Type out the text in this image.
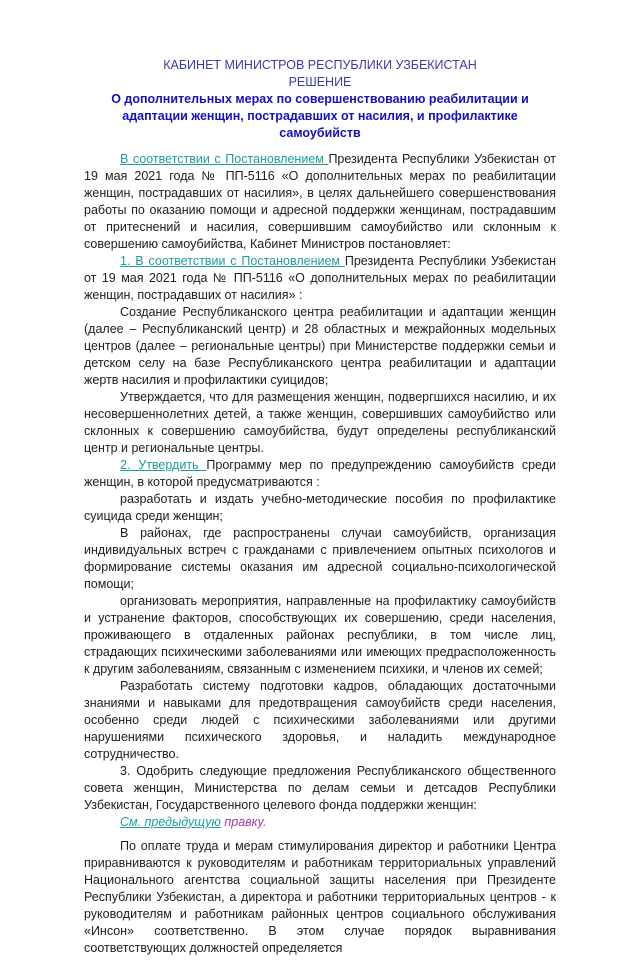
КАБИНЕТ МИНИСТРОВ РЕСПУБЛИКИ УЗБЕКИСТАН
РЕШЕНИЕ
О дополнительных мерах по совершенствованию реабилитации и адаптации женщин, пострадавших от насилия, и профилактике самоубийств

В соответствии с Постановлением Президента Республики Узбекистан от 19 мая 2021 года № ПП-5116 «О дополнительных мерах по реабилитации женщин, пострадавших от насилия», в целях дальнейшего совершенствования работы по оказанию помощи и адресной поддержки женщинам, пострадавшим от притеснений и насилия, совершившим самоубийство или склонным к совершению самоубийства, Кабинет Министров постановляет:

1. В соответствии с Постановлением Президента Республики Узбекистан от 19 мая 2021 года № ПП-5116 «О дополнительных мерах по реабилитации женщин, пострадавших от насилия» :

Создание Республиканского центра реабилитации и адаптации женщин (далее – Республиканский центр) и 28 областных и межрайонных модельных центров (далее – региональные центры) при Министерстве поддержки семьи и детском селу на базе Республиканского центра реабилитации и адаптации жертв насилия и профилактики суицидов;

Утверждается, что для размещения женщин, подвергшихся насилию, и их несовершеннолетних детей, а также женщин, совершивших самоубийство или склонных к совершению самоубийства, будут определены республиканский центр и региональные центры.

2. Утвердить Программу мер по предупреждению самоубийств среди женщин, в которой предусматриваются :

разработать и издать учебно-методические пособия по профилактике суицида среди женщин;

В районах, где распространены случаи самоубийств, организация индивидуальных встреч с гражданами с привлечением опытных психологов и формирование системы оказания им адресной социально-психологической помощи;

организовать мероприятия, направленные на профилактику самоубийств и устранение факторов, способствующих их совершению, среди населения, проживающего в отдаленных районах республики, в том числе лиц, страдающих психическими заболеваниями или имеющих предрасположенность к другим заболеваниям, связанным с изменением психики, и членов их семей;

Разработать систему подготовки кадров, обладающих достаточными знаниями и навыками для предотвращения самоубийств среди населения, особенно среди людей с психическими заболеваниями или другими нарушениями психического здоровья, и наладить международное сотрудничество.

3. Одобрить следующие предложения Республиканского общественного совета женщин, Министерства по делам семьи и детсадов Республики Узбекистан, Государственного целевого фонда поддержки женщин:

См. предыдущую правку.

По оплате труда и мерам стимулирования директор и работники Центра приравниваются к руководителям и работникам территориальных управлений Национального агентства социальной защиты населения при Президенте Республики Узбекистан, а директора и работники территориальных центров - к руководителям и работникам районных центров социального обслуживания «Инсон» соответственно. В этом случае порядок выравнивания соответствующих должностей определяется
